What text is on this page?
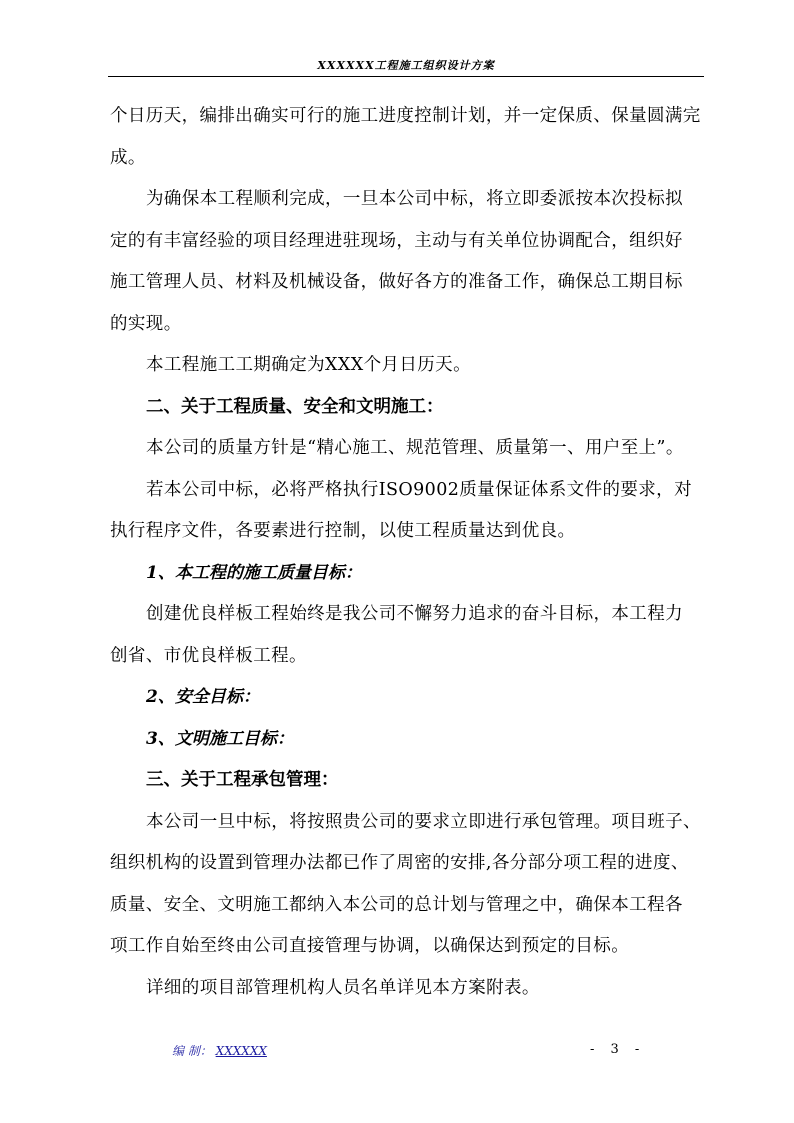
XXXXXX工程施工组织设计方案

个日历天，编排出确实可行的施工进度控制计划，并一定保质、保量圆满完

成。

为确保本工程顺利完成，一旦本公司中标，将立即委派按本次投标拟

定的有丰富经验的项目经理进驻现场，主动与有关单位协调配合，组织好

施工管理人员、材料及机械设备，做好各方的准备工作，确保总工期目标

的实现。

本工程施工工期确定为XXX个月日历天。

二、关于工程质量、安全和文明施工：

本公司的质量方针是“精心施工、规范管理、质量第一、用户至上”。

若本公司中标，必将严格执行ISO9002质量保证体系文件的要求，对

执行程序文件，各要素进行控制，以使工程质量达到优良。

1、本工程的施工质量目标：

创建优良样板工程始终是我公司不懈努力追求的奋斗目标，本工程力

创省、市优良样板工程。

2、安全目标：

3、文明施工目标：

三、关于工程承包管理：

本公司一旦中标，将按照贵公司的要求立即进行承包管理。项目班子、

组织机构的设置到管理办法都已作了周密的安排,各分部分项工程的进度、

质量、安全、文明施工都纳入本公司的总计划与管理之中，确保本工程各

项工作自始至终由公司直接管理与协调，以确保达到预定的目标。

详细的项目部管理机构人员名单详见本方案附表。

编 制： XXXXXX	- 3 -
